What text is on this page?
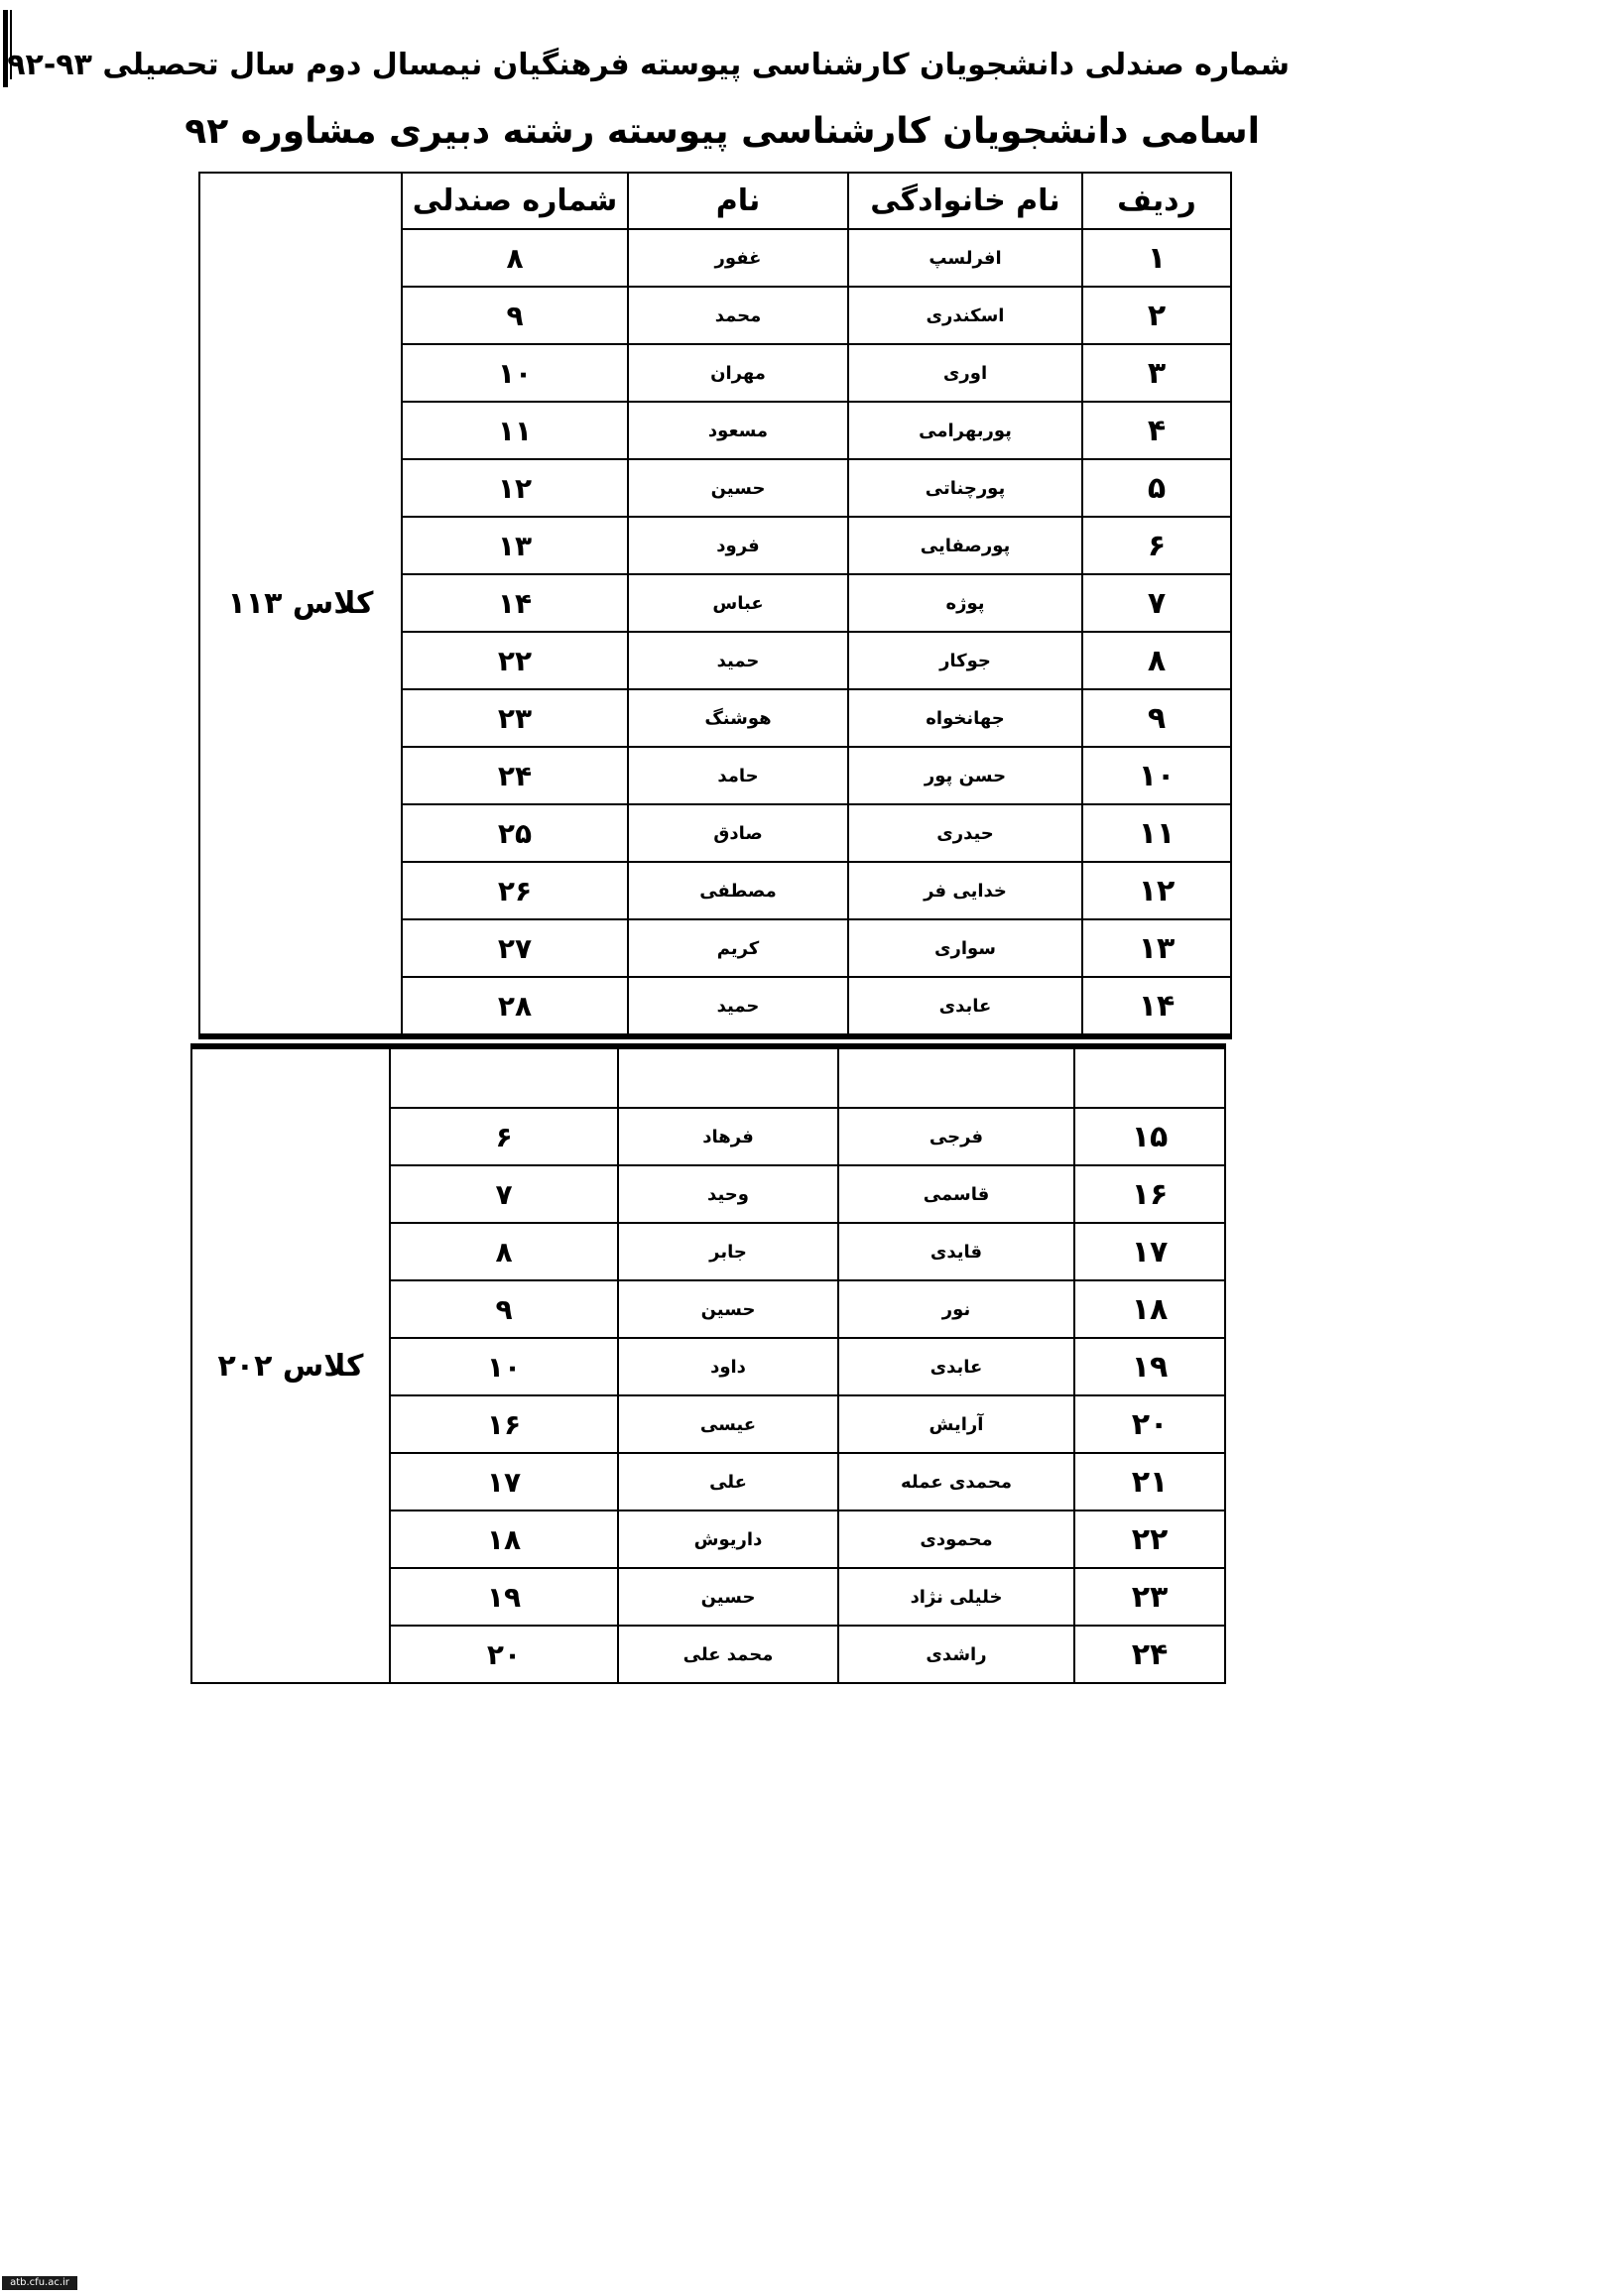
شماره صندلی دانشجویان کارشناسی پیوسته فرهنگیان نیمسال دوم سال تحصیلی ۹۳-۹۲
اسامی دانشجویان کارشناسی پیوسته رشته دبیری مشاوره ۹۲
ردیف	نام خانوادگی	نام	شماره صندلی	کلاس ۱۱۳
۱	افرلسپ	غفور	۸	
۲	اسکندری	محمد	۹	
۳	اوری	مهران	۱۰	
۴	پوربهرامی	مسعود	۱۱	
۵	پورچناتی	حسین	۱۲	
۶	پورصفایی	فرود	۱۳	
۷	پوژه	عباس	۱۴	
۸	جوکار	حمید	۲۲	
۹	جهانخواه	هوشنگ	۲۳	
۱۰	حسن پور	حامد	۲۴	
۱۱	حیدری	صادق	۲۵	
۱۲	خدایی فر	مصطفی	۲۶	
۱۳	سواری	کریم	۲۷	
۱۴	عابدی	حمید	۲۸	
				کلاس ۲۰۲
۱۵	فرجی	فرهاد	۶	
۱۶	قاسمی	وحید	۷	
۱۷	قایدی	جابر	۸	
۱۸	نور	حسین	۹	
۱۹	عابدی	داود	۱۰	
۲۰	آرایش	عیسی	۱۶	
۲۱	محمدی عمله	علی	۱۷	
۲۲	محمودی	داریوش	۱۸	
۲۳	خلیلی نژاد	حسین	۱۹	
۲۴	راشدی	محمد علی	۲۰	
atb.cfu.ac.ir
